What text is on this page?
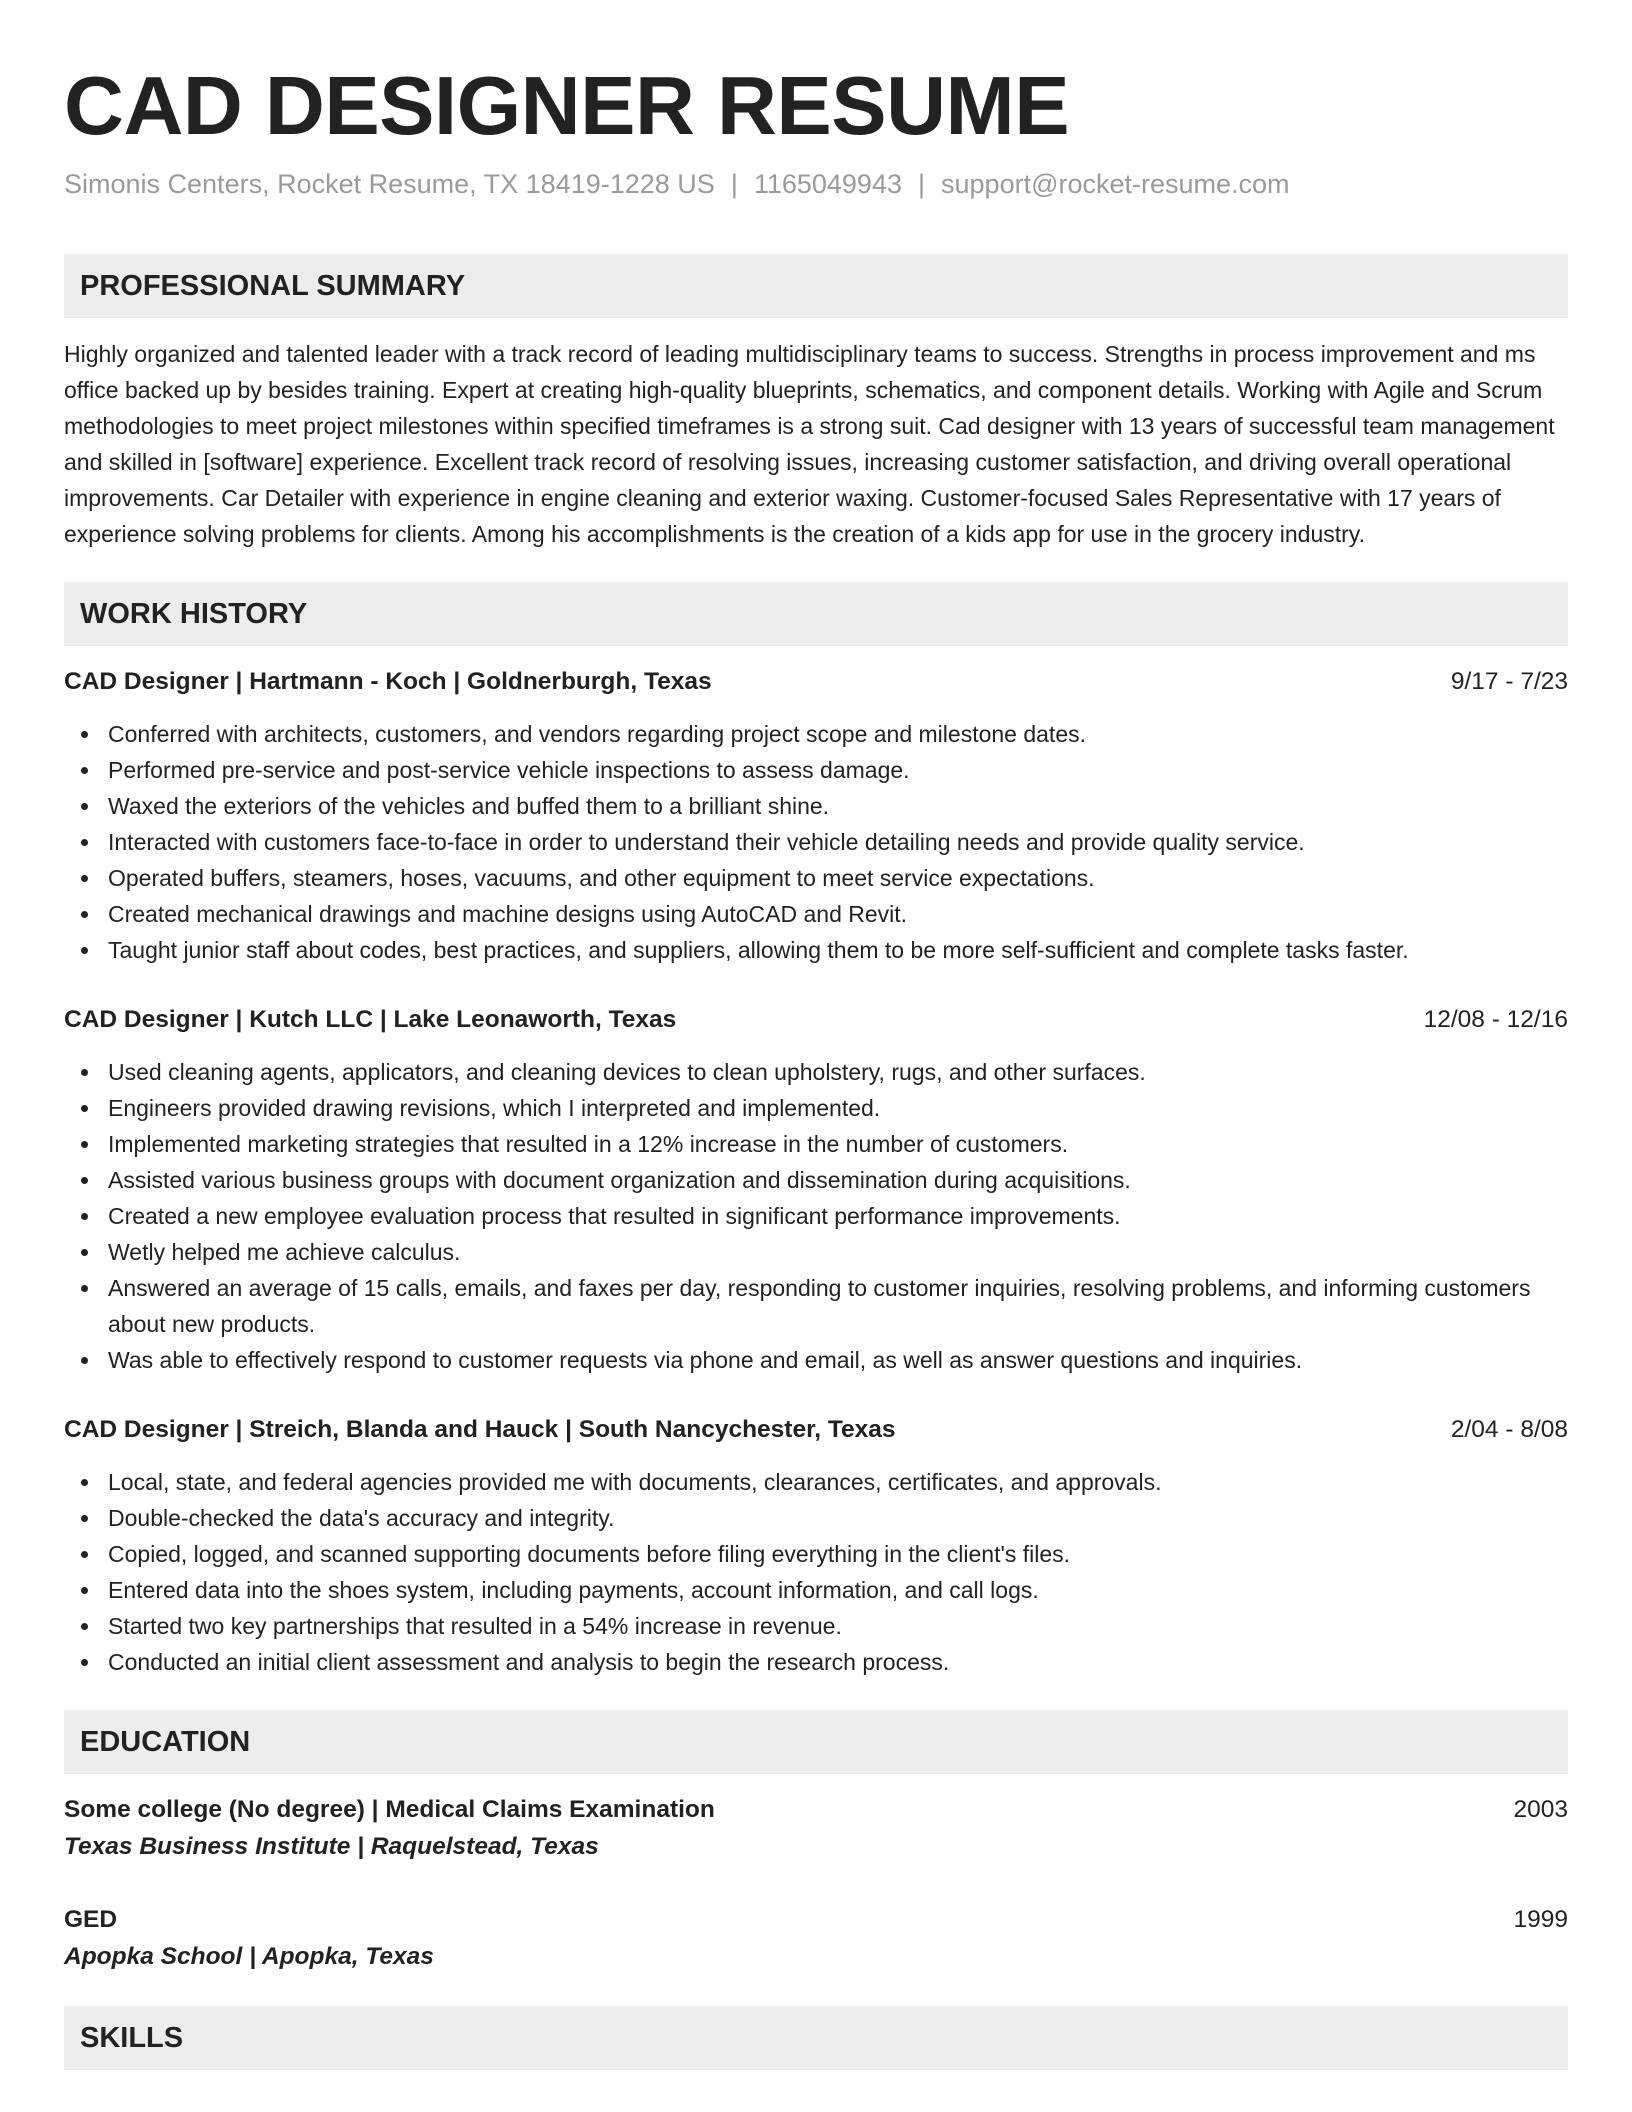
CAD DESIGNER RESUME
Simonis Centers, Rocket Resume, TX 18419-1228 US | 1165049943 | support@rocket-resume.com
PROFESSIONAL SUMMARY

Highly organized and talented leader with a track record of leading multidisciplinary teams to success. Strengths in process improvement and ms office backed up by besides training. Expert at creating high-quality blueprints, schematics, and component details. Working with Agile and Scrum methodologies to meet project milestones within specified timeframes is a strong suit. Cad designer with 13 years of successful team management and skilled in [software] experience. Excellent track record of resolving issues, increasing customer satisfaction, and driving overall operational improvements. Car Detailer with experience in engine cleaning and exterior waxing. Customer-focused Sales Representative with 17 years of experience solving problems for clients. Among his accomplishments is the creation of a kids app for use in the grocery industry.

WORK HISTORY
CAD Designer | Hartmann - Koch | Goldnerburgh, Texas	9/17 - 7/23
Conferred with architects, customers, and vendors regarding project scope and milestone dates.
Performed pre-service and post-service vehicle inspections to assess damage.
Waxed the exteriors of the vehicles and buffed them to a brilliant shine.
Interacted with customers face-to-face in order to understand their vehicle detailing needs and provide quality service.
Operated buffers, steamers, hoses, vacuums, and other equipment to meet service expectations.
Created mechanical drawings and machine designs using AutoCAD and Revit.
Taught junior staff about codes, best practices, and suppliers, allowing them to be more self-sufficient and complete tasks faster.
CAD Designer | Kutch LLC | Lake Leonaworth, Texas	12/08 - 12/16
Used cleaning agents, applicators, and cleaning devices to clean upholstery, rugs, and other surfaces.
Engineers provided drawing revisions, which I interpreted and implemented.
Implemented marketing strategies that resulted in a 12% increase in the number of customers.
Assisted various business groups with document organization and dissemination during acquisitions.
Created a new employee evaluation process that resulted in significant performance improvements.
Wetly helped me achieve calculus.
Answered an average of 15 calls, emails, and faxes per day, responding to customer inquiries, resolving problems, and informing customers about new products.
Was able to effectively respond to customer requests via phone and email, as well as answer questions and inquiries.
CAD Designer | Streich, Blanda and Hauck | South Nancychester, Texas	2/04 - 8/08
Local, state, and federal agencies provided me with documents, clearances, certificates, and approvals.
Double-checked the data's accuracy and integrity.
Copied, logged, and scanned supporting documents before filing everything in the client's files.
Entered data into the shoes system, including payments, account information, and call logs.
Started two key partnerships that resulted in a 54% increase in revenue.
Conducted an initial client assessment and analysis to begin the research process.
EDUCATION
Some college (No degree) | Medical Claims Examination	2003
Texas Business Institute | Raquelstead, Texas
GED	1999
Apopka School | Apopka, Texas
SKILLS
